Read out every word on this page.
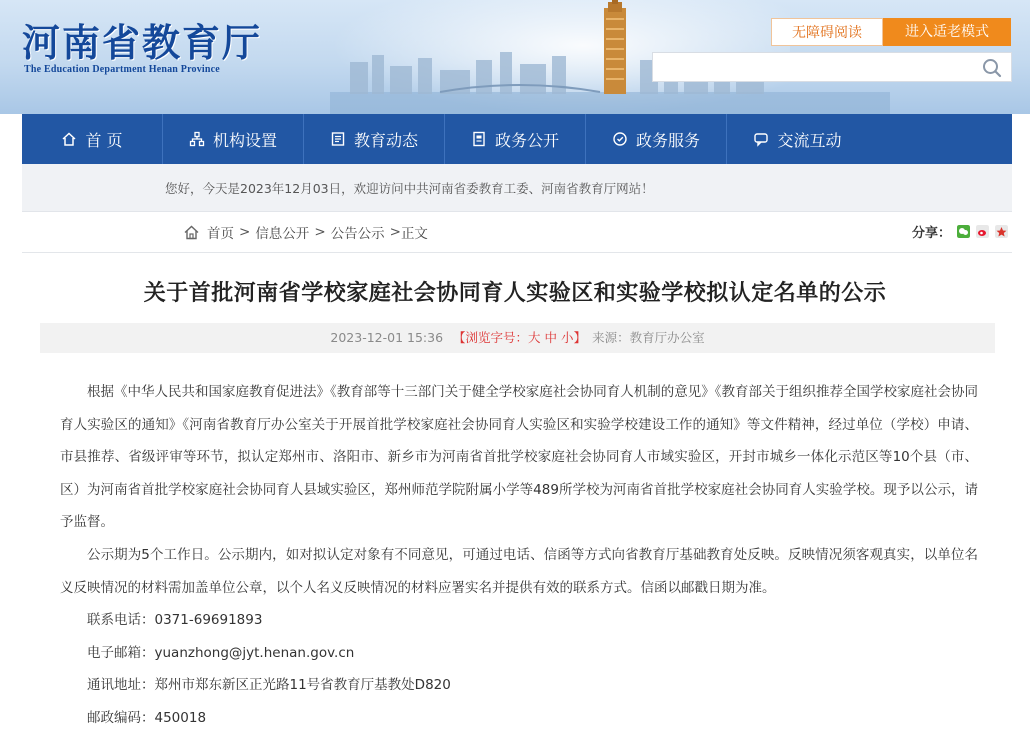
河南省教育厅
The Education Department Henan Province
无障碍阅读	进入适老模式
首 页	机构设置	教育动态	政务公开	政务服务	交流互动
您好，今天是2023年12月03日，欢迎访问中共河南省委教育工委、河南省教育厅网站！
首页 > 信息公开 > 公告公示 > 正文	分享：
关于首批河南省学校家庭社会协同育人实验区和实验学校拟认定名单的公示
2023-12-01 15:36 【浏览字号：大 中 小】 来源：教育厅办公室

根据《中华人民共和国家庭教育促进法》《教育部等十三部门关于健全学校家庭社会协同育人机制的意见》《教育部关于组织推荐全国学校家庭社会协同育人实验区的通知》《河南省教育厅办公室关于开展首批学校家庭社会协同育人实验区和实验学校建设工作的通知》等文件精神，经过单位（学校）申请、市县推荐、省级评审等环节，拟认定郑州市、洛阳市、新乡市为河南省首批学校家庭社会协同育人市域实验区，开封市城乡一体化示范区等10个县（市、区）为河南省首批学校家庭社会协同育人县域实验区，郑州师范学院附属小学等489所学校为河南省首批学校家庭社会协同育人实验学校。现予以公示，请予监督。

公示期为5个工作日。公示期内，如对拟认定对象有不同意见，可通过电话、信函等方式向省教育厅基础教育处反映。反映情况须客观真实，以单位名义反映情况的材料需加盖单位公章，以个人名义反映情况的材料应署实名并提供有效的联系方式。信函以邮戳日期为准。

联系电话：0371-69691893
电子邮箱：yuanzhong@jyt.henan.gov.cn
通讯地址：郑州市郑东新区正光路11号省教育厅基教处D820
邮政编码：450018
